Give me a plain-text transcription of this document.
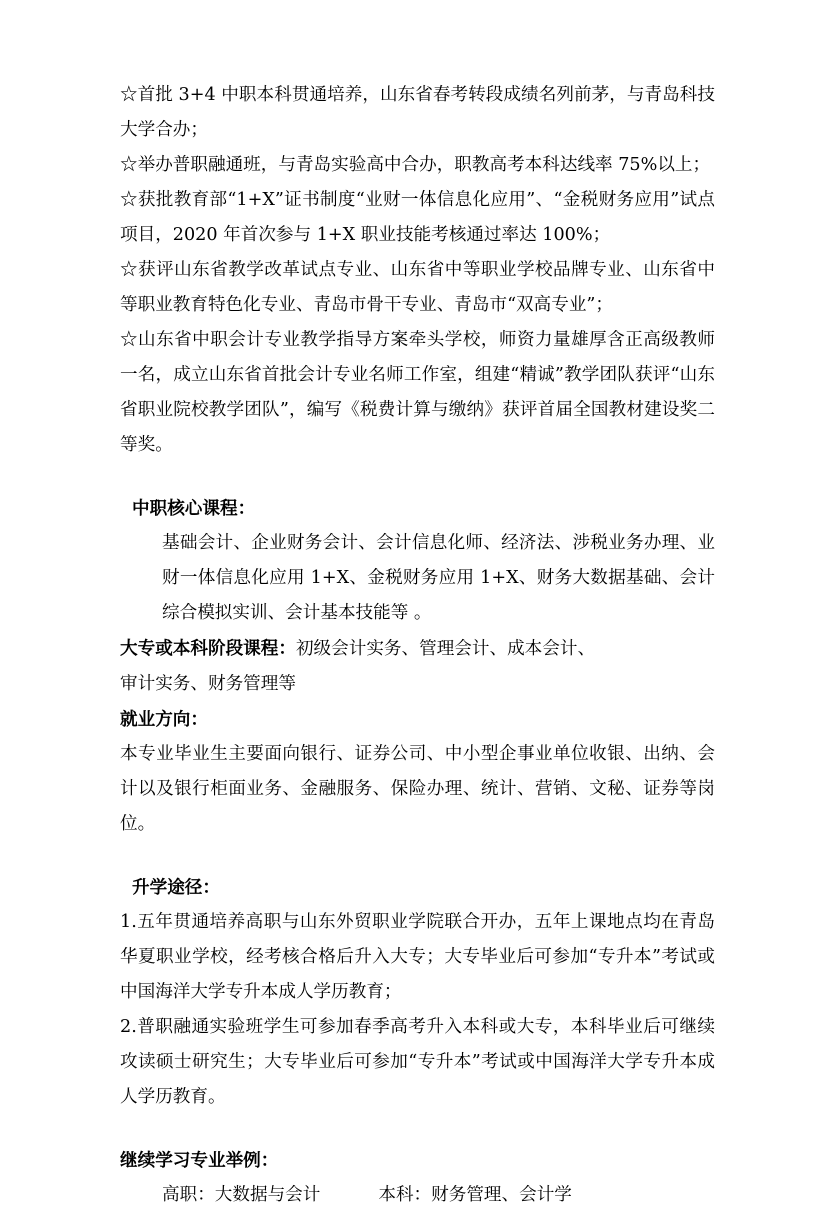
☆首批 3+4 中职本科贯通培养，山东省春考转段成绩名列前茅，与青岛科技大学合办；
☆举办普职融通班，与青岛实验高中合办，职教高考本科达线率 75%以上；
☆获批教育部“1+X”证书制度“业财一体信息化应用”、“金税财务应用”试点项目，2020 年首次参与 1+X 职业技能考核通过率达 100%；
☆获评山东省教学改革试点专业、山东省中等职业学校品牌专业、山东省中等职业教育特色化专业、青岛市骨干专业、青岛市“双高专业”；
☆山东省中职会计专业教学指导方案牵头学校，师资力量雄厚含正高级教师一名，成立山东省首批会计专业名师工作室，组建“精诚”教学团队获评“山东省职业院校教学团队”，编写《税费计算与缴纳》获评首届全国教材建设奖二等奖。
中职核心课程：
基础会计、企业财务会计、会计信息化师、经济法、涉税业务办理、业财一体信息化应用 1+X、金税财务应用 1+X、财务大数据基础、会计综合模拟实训、会计基本技能等 。
大专或本科阶段课程：初级会计实务、管理会计、成本会计、
审计实务、财务管理等
就业方向：
本专业毕业生主要面向银行、证券公司、中小型企事业单位收银、出纳、会计以及银行柜面业务、金融服务、保险办理、统计、营销、文秘、证券等岗位。
升学途径：
1.五年贯通培养高职与山东外贸职业学院联合开办，五年上课地点均在青岛华夏职业学校，经考核合格后升入大专；大专毕业后可参加“专升本”考试或中国海洋大学专升本成人学历教育；
2.普职融通实验班学生可参加春季高考升入本科或大专，本科毕业后可继续攻读硕士研究生；大专毕业后可参加“专升本”考试或中国海洋大学专升本成人学历教育。
继续学习专业举例：
高职：大数据与会计	本科：财务管理、会计学
